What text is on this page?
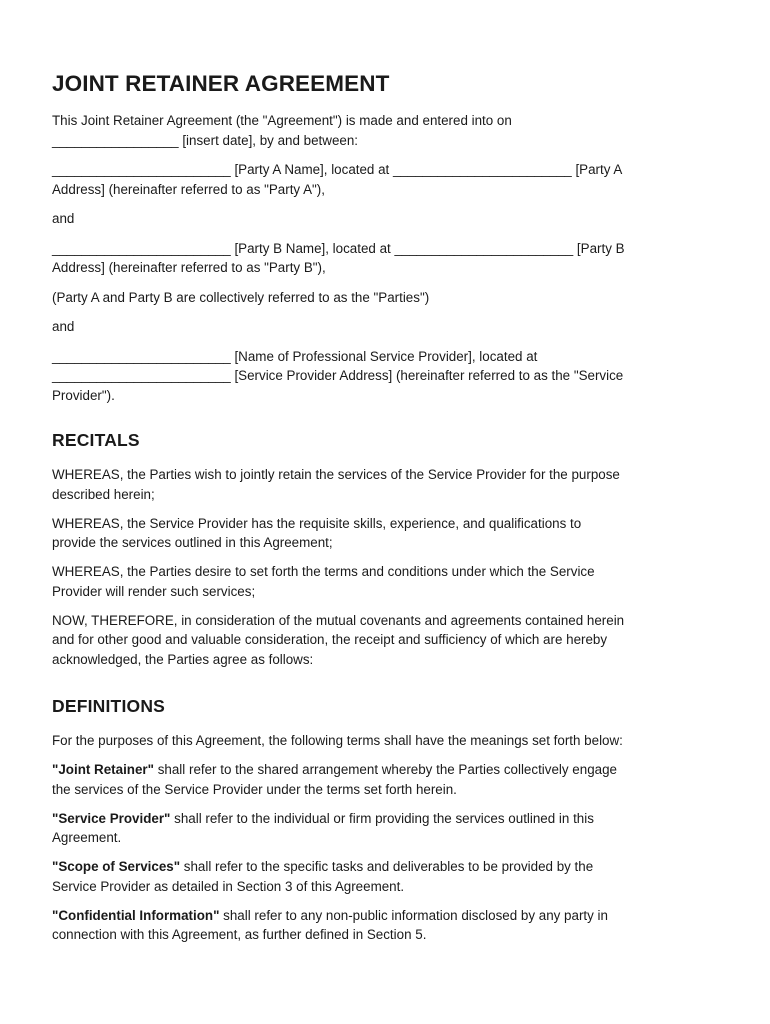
JOINT RETAINER AGREEMENT

This Joint Retainer Agreement (the "Agreement") is made and entered into on
_________________ [insert date], by and between:

________________________ [Party A Name], located at ________________________ [Party A
Address] (hereinafter referred to as "Party A"),

and

________________________ [Party B Name], located at ________________________ [Party B
Address] (hereinafter referred to as "Party B"),

(Party A and Party B are collectively referred to as the "Parties")

and

________________________ [Name of Professional Service Provider], located at
________________________ [Service Provider Address] (hereinafter referred to as the "Service
Provider").

RECITALS

WHEREAS, the Parties wish to jointly retain the services of the Service Provider for the purpose
described herein;

WHEREAS, the Service Provider has the requisite skills, experience, and qualifications to
provide the services outlined in this Agreement;

WHEREAS, the Parties desire to set forth the terms and conditions under which the Service
Provider will render such services;

NOW, THEREFORE, in consideration of the mutual covenants and agreements contained herein
and for other good and valuable consideration, the receipt and sufficiency of which are hereby
acknowledged, the Parties agree as follows:

DEFINITIONS

For the purposes of this Agreement, the following terms shall have the meanings set forth below:

"Joint Retainer" shall refer to the shared arrangement whereby the Parties collectively engage
the services of the Service Provider under the terms set forth herein.

"Service Provider" shall refer to the individual or firm providing the services outlined in this
Agreement.

"Scope of Services" shall refer to the specific tasks and deliverables to be provided by the
Service Provider as detailed in Section 3 of this Agreement.

"Confidential Information" shall refer to any non-public information disclosed by any party in
connection with this Agreement, as further defined in Section 5.
